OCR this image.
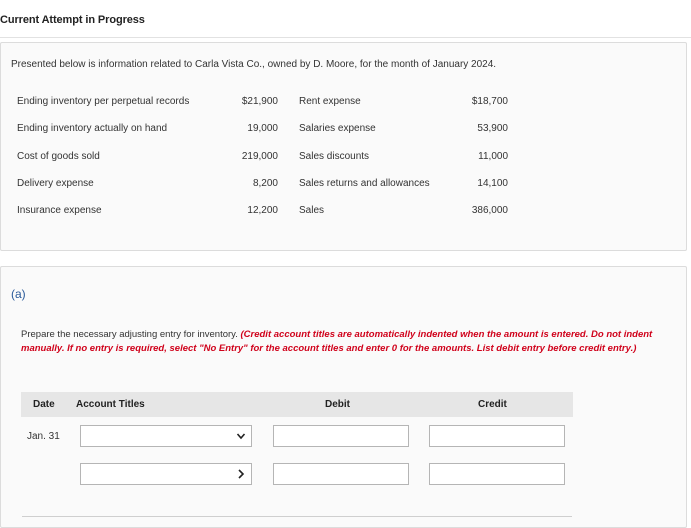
Current Attempt in Progress
Presented below is information related to Carla Vista Co., owned by D. Moore, for the month of January 2024.
Ending inventory per perpetual records	$21,900 Rent expense	$18,700
Ending inventory actually on hand	19,000 Salaries expense	53,900
Cost of goods sold	219,000 Sales discounts	11,000
Delivery expense	8,200 Sales returns and allowances	14,100
Insurance expense	12,200 Sales	386,000
(a)
Prepare the necessary adjusting entry for inventory. (Credit account titles are automatically indented when the amount is entered. Do not indent manually. If no entry is required, select "No Entry" for the account titles and enter 0 for the amounts. List debit entry before credit entry.)
Date Account Titles	Debit	Credit
Jan. 31
